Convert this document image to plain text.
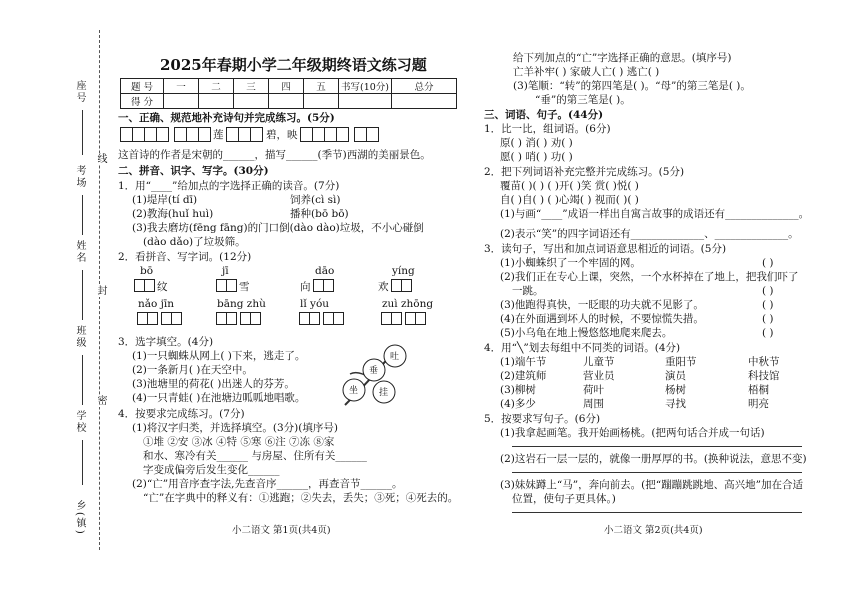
座号
考场
线
姓名
封
班级
密
学校
乡(镇)
2025年春期小学二年级期终语文练习题
题 号	一	二	三	四	五	书写(10分)	总分
得 分							
一、正确、规范地补充诗句并完成练习。(5分)
莲	碧，映
这首诗的作者是宋朝的______，描写______(季节)西湖的美丽景色。
二、拼音、识字、写字。(30分)
1．用“____”给加点的字选择正确的读音。(7分)
(1)堤岸(tí dī)	饲养(cì sì)
(2)教海(huǐ huì)	播种(bō bō)
(3)我去磨坊(fēng fāng)的门口倒(dào dào)垃圾，不小心碰倒
(dào dǎo)了垃圾筛。
2．看拼音、写字词。(12分)
bō	jī	dāo	yíng
纹	雪	向	欢
nǎo jīn	bāng zhù	lǐ yóu	zuì zhōng
3．选字填空。(4分)
(1)一只蜘蛛从网上( )下来，逃走了。
(2)一条新月( )在天空中。
(3)池塘里的荷花( )出迷人的芬芳。
(4)一只青蛙( )在池塘边呱呱地唱歌。
吐
垂
坐 挂
4．按要求完成练习。(7分)
(1)将汉字归类，并选择填空。(3分)(填序号)
①堆 ②安 ③冰 ④特 ⑤寒 ⑥注 ⑦冻 ⑧家
和水、寒冷有关______ 与房屋、住所有关______
字变成偏旁后发生变化______
(2)“亡”用音序查字法,先查音序______，再查音节______。
“亡”在字典中的释义有：①逃跑；②失去，丢失；③死；④死去的。
小二语文 第1页(共4页)
给下列加点的“亡”字选择正确的意思。(填序号)
亡羊补牢( ) 家破人亡( ) 逃亡( )
(3)笔顺：“转”的第四笔是( )。“母”的第三笔是( )。
“垂”的第三笔是( )。
三、词语、句子。(44分)
1．比一比，组词语。(6分)
原( ) 消( ) 劝( )
愿( ) 哨( ) 功( )
2．把下列词语补充完整并完成练习。(5分)
覆苗( )( ) ( )开( )笑 赏( )悦( )
自( )自( ) ( )心竭( ) 视而( )( )
(1)与画“____”成语一样出自寓言故事的成语还有______________。
(2)表示“笑”的四字词语还有______________、______________。
3．读句子，写出和加点词语意思相近的词语。(5分)
(1)小蜘蛛织了一个牢固的网。	( )
(2)我们正在专心上课，突然，一个水杯掉在了地上，把我们吓了
一跳。	( )
(3)他跑得真快，一眨眼的功夫就不见影了。	( )
(4)在外面遇到坏人的时候，不要惊慌失措。	( )
(5)小乌龟在地上慢悠悠地爬来爬去。	( )
4．用“╲”划去每组中不同类的词语。(4分)
(1)端午节	儿童节	重阳节	中秋节
(2)建筑师	营业员	演员	科技馆
(3)柳树	荷叶	杨树	梧桐
(4)多少	周围	寻找	明亮
5．按要求写句子。(6分)
(1)我拿起画笔。我开始画杨桃。(把两句话合并成一句话)
(2)这岩石一层一层的，就像一册厚厚的书。(换种说法，意思不变)
(3)妹妹蹲上“马”，奔向前去。(把“蹦蹦跳跳地、高兴地”加在合适
位置，使句子更具体。)
小二语文 第2页(共4页)
